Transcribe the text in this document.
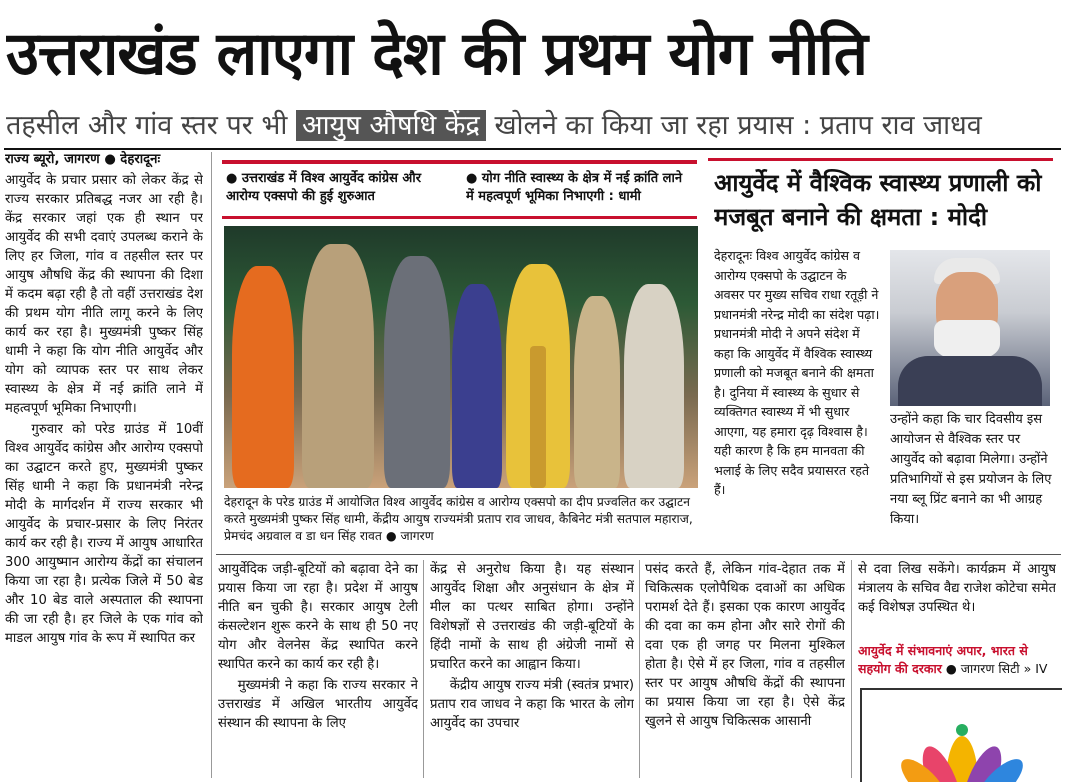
उत्तराखंड लाएगा देश की प्रथम योग नीति
तहसील और गांव स्तर पर भी आयुष औषधि केंद्र खोलने का किया जा रहा प्रयास : प्रताप राव जाधव

राज्य ब्यूरो, जागरण ● देहरादूनः

आयुर्वेद के प्रचार प्रसार को लेकर केंद्र से राज्य सरकार प्रतिबद्ध नजर आ रही है। केंद्र सरकार जहां एक ही स्थान पर आयुर्वेद की सभी दवाएं उपलब्ध कराने के लिए हर जिला, गांव व तहसील स्तर पर आयुष औषधि केंद्र की स्थापना की दिशा में कदम बढ़ा रही है तो वहीं उत्तराखंड देश की प्रथम योग नीति लागू करने के लिए कार्य कर रहा है। मुख्यमंत्री पुष्कर सिंह धामी ने कहा कि योग नीति आयुर्वेद और योग को व्यापक स्तर पर साथ लेकर स्वास्थ्य के क्षेत्र में नई क्रांति लाने में महत्वपूर्ण भूमिका निभाएगी।

गुरुवार को परेड ग्राउंड में 10वीं विश्व आयुर्वेद कांग्रेस और आरोग्य एक्सपो का उद्घाटन करते हुए, मुख्यमंत्री पुष्कर सिंह धामी ने कहा कि प्रधानमंत्री नरेन्द्र मोदी के मार्गदर्शन में राज्य सरकार भी आयुर्वेद के प्रचार-प्रसार के लिए निरंतर कार्य कर रही है। राज्य में आयुष आधारित 300 आयुष्मान आरोग्य केंद्रों का संचालन किया जा रहा है। प्रत्येक जिले में 50 बेड और 10 बेड वाले अस्पताल की स्थापना की जा रही है। हर जिले के एक गांव को माडल आयुष गांव के रूप में स्थापित कर

● उत्तराखंड में विश्व आयुर्वेद कांग्रेस और आरोग्य एक्सपो की हुई शुरुआत
● योग नीति स्वास्थ्य के क्षेत्र में नई क्रांति लाने में महत्वपूर्ण भूमिका निभाएगी : धामी
देहरादून के परेड ग्राउंड में आयोजित विश्व आयुर्वेद कांग्रेस व आरोग्य एक्सपो का दीप प्रज्वलित कर उद्घाटन करते मुख्यमंत्री पुष्कर सिंह धामी, केंद्रीय आयुष राज्यमंत्री प्रताप राव जाधव, कैबिनेट मंत्री सतपाल महाराज, प्रेमचंद अग्रवाल व डा धन सिंह रावत ● जागरण
आयुर्वेद में वैश्विक स्वास्थ्य प्रणाली को मजबूत बनाने की क्षमता : मोदी
देहरादूनः विश्व आयुर्वेद कांग्रेस व आरोग्य एक्सपो के उद्घाटन के अवसर पर मुख्य सचिव राधा रतूड़ी ने प्रधानमंत्री नरेन्द्र मोदी का संदेश पढ़ा। प्रधानमंत्री मोदी ने अपने संदेश में कहा कि आयुर्वेद में वैश्विक स्वास्थ्य प्रणाली को मजबूत बनाने की क्षमता है। दुनिया में स्वास्थ्य के सुधार से व्यक्तिगत स्वास्थ्य में भी सुधार आएगा, यह हमारा दृढ़ विश्वास है। यही कारण है कि हम मानवता की भलाई के लिए सदैव प्रयासरत रहते हैं।
उन्होंने कहा कि चार दिवसीय इस आयोजन से वैश्विक स्तर पर आयुर्वेद को बढ़ावा मिलेगा। उन्होंने प्रतिभागियों से इस प्रयोजन के लिए नया ब्लू प्रिंट बनाने का भी आग्रह किया।

आयुर्वेदिक जड़ी-बूटियों को बढ़ावा देने का प्रयास किया जा रहा है। प्रदेश में आयुष नीति बन चुकी है। सरकार आयुष टेली कंसल्टेशन शुरू करने के साथ ही 50 नए योग और वेलनेस केंद्र स्थापित करने स्थापित करने का कार्य कर रही है।

मुख्यमंत्री ने कहा कि राज्य सरकार ने उत्तराखंड में अखिल भारतीय आयुर्वेद संस्थान की स्थापना के लिए

केंद्र से अनुरोध किया है। यह संस्थान आयुर्वेद शिक्षा और अनुसंधान के क्षेत्र में मील का पत्थर साबित होगा। उन्होंने विशेषज्ञों से उत्तराखंड की जड़ी-बूटियों के हिंदी नामों के साथ ही अंग्रेजी नामों से प्रचारित करने का आह्वान किया।

केंद्रीय आयुष राज्य मंत्री (स्वतंत्र प्रभार) प्रताप राव जाधव ने कहा कि भारत के लोग आयुर्वेद का उपचार

पसंद करते हैं, लेकिन गांव-देहात तक में चिकित्सक एलोपैथिक दवाओं का अधिक परामर्श देते हैं। इसका एक कारण आयुर्वेद की दवा का कम होना और सारे रोगों की दवा एक ही जगह पर मिलना मुश्किल होता है। ऐसे में हर जिला, गांव व तहसील स्तर पर आयुष औषधि केंद्रों की स्थापना का प्रयास किया जा रहा है। ऐसे केंद्र खुलने से आयुष चिकित्सक आसानी

से दवा लिख सकेंगे। कार्यक्रम में आयुष मंत्रालय के सचिव वैद्य राजेश कोटेचा समेत कई विशेषज्ञ उपस्थित थे।

आयुर्वेद में संभावनाएं अपार, भारत से सहयोग की दरकार ● जागरण सिटी » IV
